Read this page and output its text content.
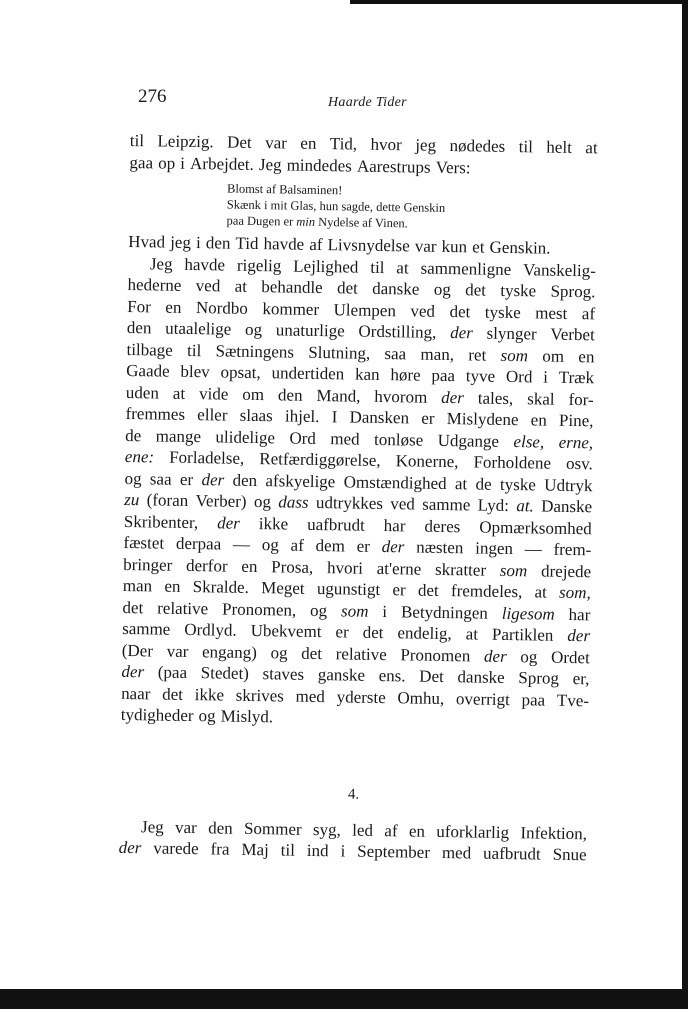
276	Haarde Tider
til Leipzig. Det var en Tid, hvor jeg nødedes til helt at
gaa op i Arbejdet. Jeg mindedes Aarestrups Vers:
Blomst af Balsaminen!
Skænk i mit Glas, hun sagde, dette Genskin
paa Dugen er min Nydelse af Vinen.
Hvad jeg i den Tid havde af Livsnydelse var kun et Genskin.
Jeg havde rigelig Lejlighed til at sammenligne Vanskelig-
hederne ved at behandle det danske og det tyske Sprog.
For en Nordbo kommer Ulempen ved det tyske mest af
den utaalelige og unaturlige Ordstilling, der slynger Verbet
tilbage til Sætningens Slutning, saa man, ret som om en
Gaade blev opsat, undertiden kan høre paa tyve Ord i Træk
uden at vide om den Mand, hvorom der tales, skal for-
fremmes eller slaas ihjel. I Dansken er Mislydene en Pine,
de mange ulidelige Ord med tonløse Udgange else, erne,
ene: Forladelse, Retfærdiggørelse, Konerne, Forholdene osv.
og saa er der den afskyelige Omstændighed at de tyske Udtryk
zu (foran Verber) og dass udtrykkes ved samme Lyd: at. Danske
Skribenter, der ikke uafbrudt har deres Opmærksomhed
fæstet derpaa — og af dem er der næsten ingen — frem-
bringer derfor en Prosa, hvori at'erne skratter som drejede
man en Skralde. Meget ugunstigt er det fremdeles, at som,
det relative Pronomen, og som i Betydningen ligesom har
samme Ordlyd. Ubekvemt er det endelig, at Partiklen der
(Der var engang) og det relative Pronomen der og Ordet
der (paa Stedet) staves ganske ens. Det danske Sprog er,
naar det ikke skrives med yderste Omhu, overrigt paa Tve-
tydigheder og Mislyd.
4.
Jeg var den Sommer syg, led af en uforklarlig Infektion,
der varede fra Maj til ind i September med uafbrudt Snue
